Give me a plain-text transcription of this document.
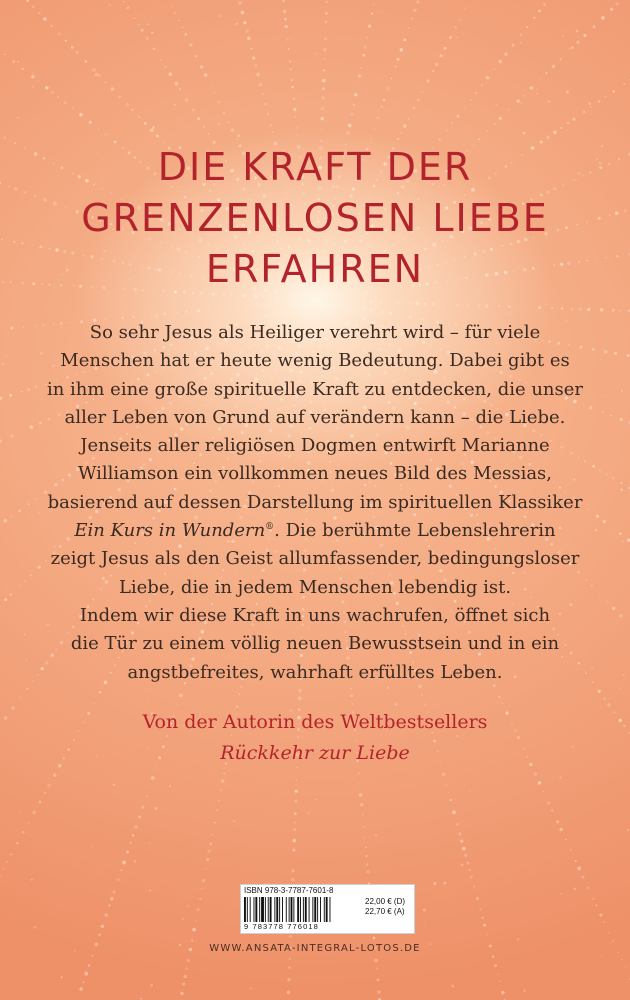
DIE KRAFT DER
GRENZENLOSEN LIEBE
ERFAHREN
So sehr Jesus als Heiliger verehrt wird – für viele
Menschen hat er heute wenig Bedeutung. Dabei gibt es
in ihm eine große spirituelle Kraft zu entdecken, die unser
aller Leben von Grund auf verändern kann – die Liebe.
Jenseits aller religiösen Dogmen entwirft Marianne
Williamson ein vollkommen neues Bild des Messias,
basierend auf dessen Darstellung im spirituellen Klassiker
Ein Kurs in Wundern®. Die berühmte Lebenslehrerin
zeigt Jesus als den Geist allumfassender, bedingungsloser
Liebe, die in jedem Menschen lebendig ist.
Indem wir diese Kraft in uns wachrufen, öffnet sich
die Tür zu einem völlig neuen Bewusstsein und in ein
angstbefreites, wahrhaft erfülltes Leben.
Von der Autorin des Weltbestsellers
Rückkehr zur Liebe
ISBN 978-3-7787-7601-8
22,00 € (D)
22,70 € (A)
9 783778 776018
WWW.ANSATA-INTEGRAL-LOTOS.DE
